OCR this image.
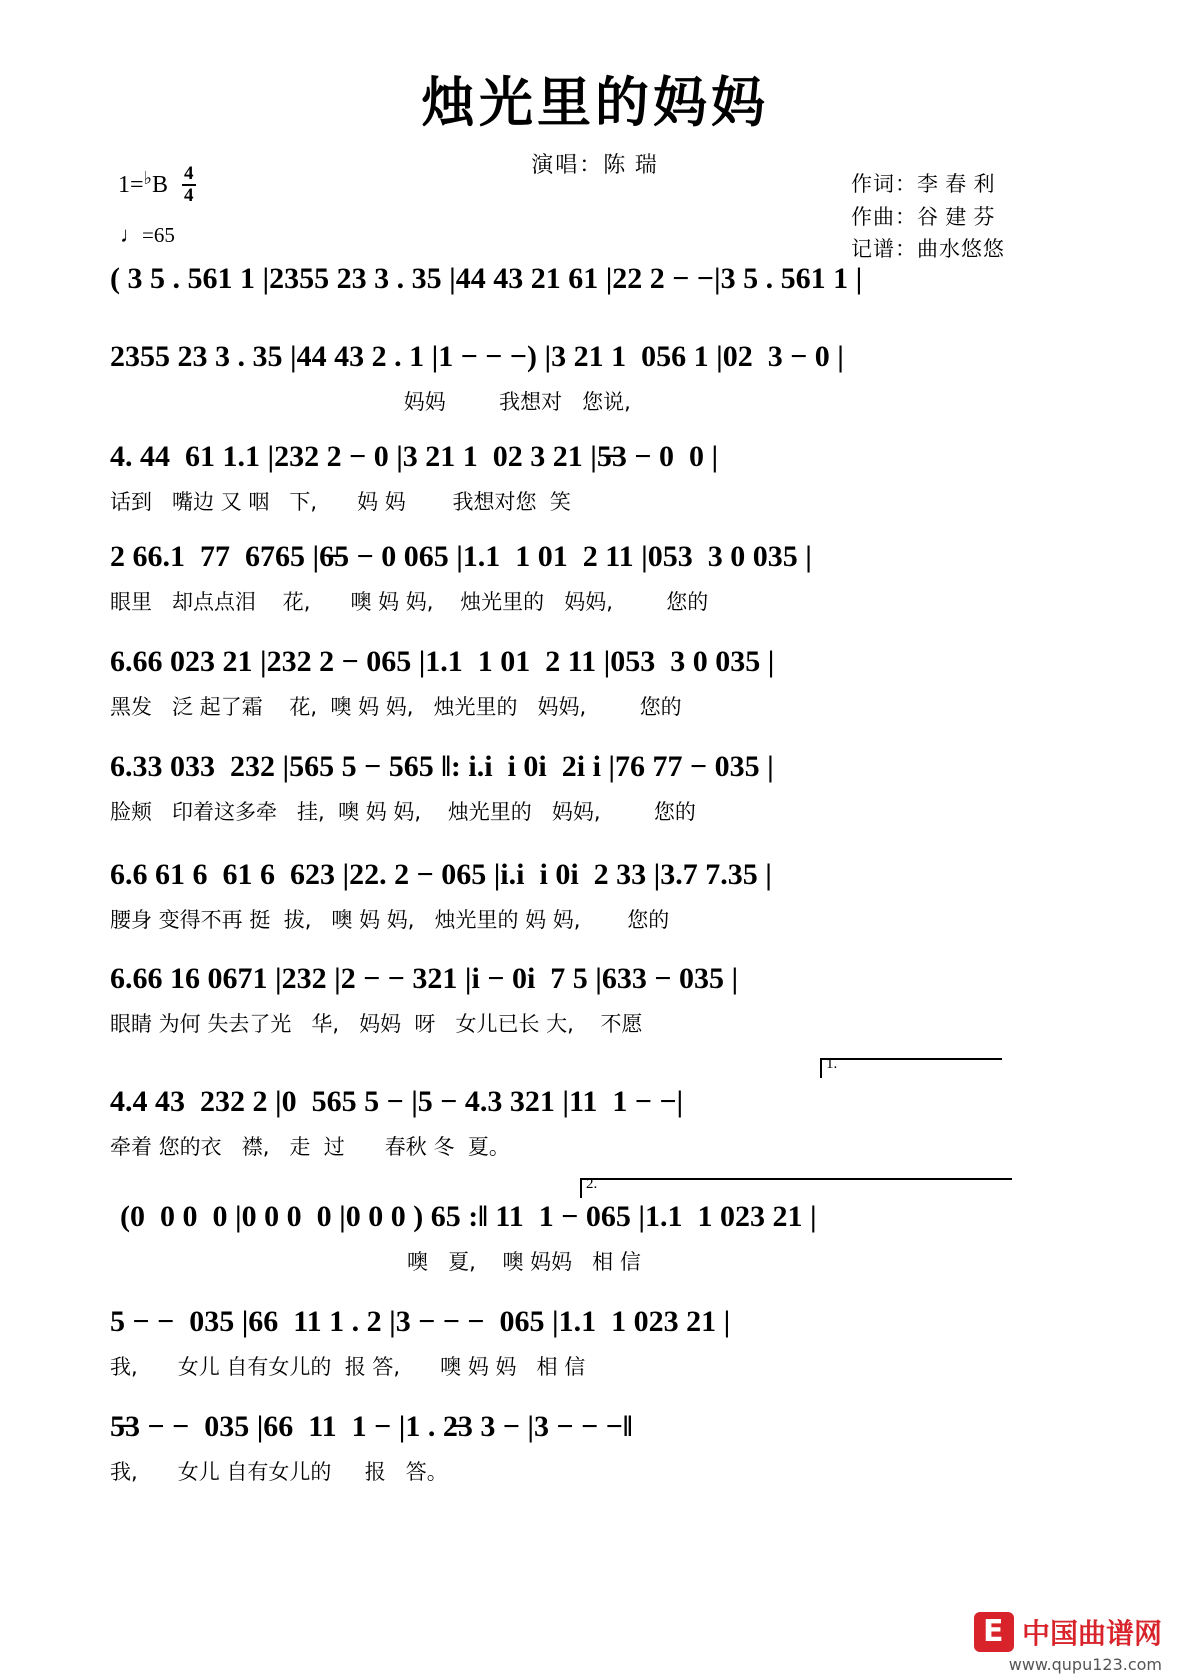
烛光里的妈妈
演唱：陈 瑞
$1=^♭B \frac{4}{4}$
♩=65
作词：李 春 利
作曲：谷 建 芬
记谱：曲水悠悠
( 3 5 . 561 1 |2355 23 3 . 35 |44 43 21 61 |22 2 − −|3 5 . 561 1 |
2355 23 3 . 35 |44 43 2 . 1 |1 − − −) |3 21 1  056 1 |02  3 − 0 |
妈妈        我想对   您说,
4. 44  61 1.1 |232 2 − 0 |3 21 1  02 3 21 |5̶3 − 0  0 |
话到   嘴边 又 咽   下,      妈 妈       我想对您  笑
2 66.1  77  6765 |6̶5 − 0 065 |1.1  1 01  2 11 |053  3 0 035 |
眼里   却点点泪    花,      噢 妈 妈,    烛光里的   妈妈,        您的
6.66 023 21 |232 2 − 065 |1.1  1 01  2 11 |053  3 0 035 |
黑发   泛 起了霜    花,  噢 妈 妈,   烛光里的   妈妈,        您的
6.33 033  232 |565 5 − 565 ‖: i.i  i 0i  2i i |76 77 − 035 |
脸颊   印着这多牵   挂,  噢 妈 妈,    烛光里的   妈妈,        您的
6.6 61 6  61 6  623 |22. 2 − 065 |i.i  i 0i  2 33 |3.7 7.35 |
腰身 变得不再 挺  拔,   噢 妈 妈,   烛光里的 妈 妈,       您的
6.66 16 0671 |232 |2 − − 321 |i − 0i  7 5 |633 − 035 |
眼睛 为何 失去了光   华,   妈妈  呀   女儿已长 大,    不愿
1.
4.4 43  232 2 |0  565 5 − |5 − 4.3 321 |11  1 − −|
牵着 您的衣   襟,   走  过      春秋 冬  夏。
2.
(0  0 0  0 |0 0 0  0 |0 0 0 ) 65 :‖ 11  1 − 065 |1.1  1 023 21 |
噢   夏,    噢 妈妈   相 信
5 − −  035 |66  11 1 . 2 |3 − − −  065 |1.1  1 023 21 |
我,      女儿 自有女儿的  报 答,      噢 妈 妈   相 信
5̶3 − −  035 |66  11  1 − |1 . 2̶3 3 − |3 − − −‖
我,      女儿 自有女儿的     报   答。
E
中国曲谱网
www.qupu123.com
